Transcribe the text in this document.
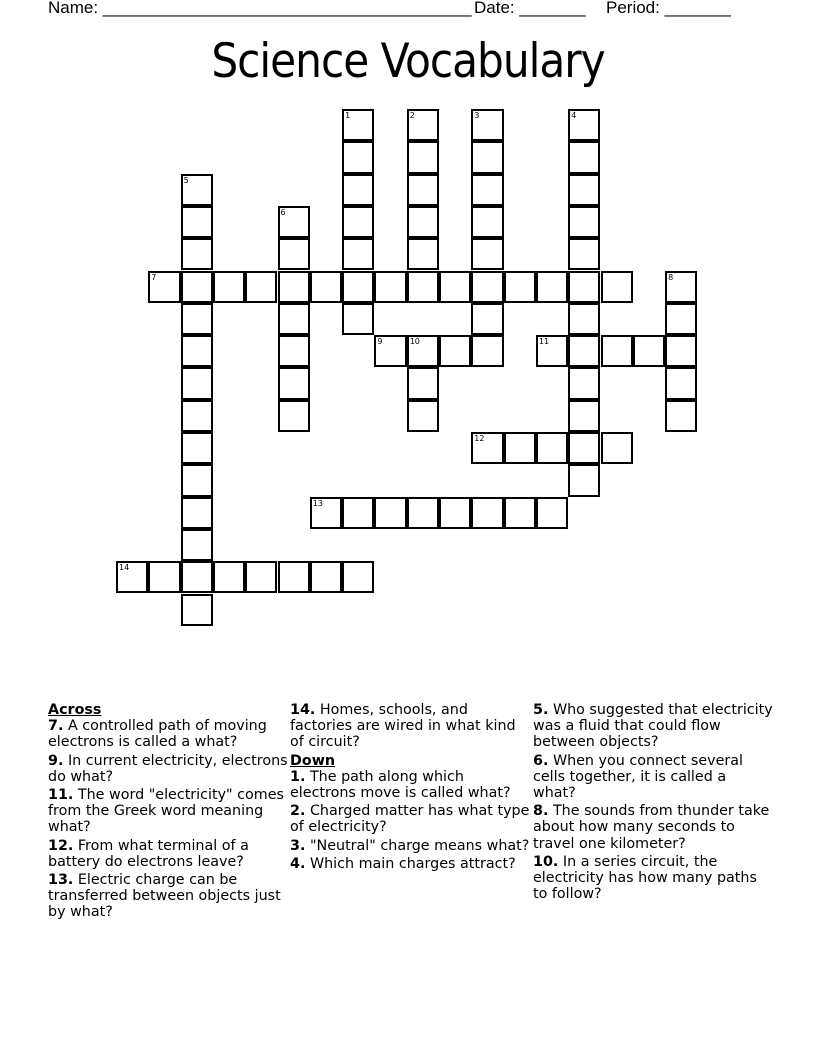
Name: _______________________________________ Date: _______ Period: _______
Science Vocabulary
1	2	3	4
5
6
7	8
9	10	11
12
13
14
Across
7. A controlled path of moving electrons is called a what?
9. In current electricity, electrons do what?
11. The word "electricity" comes from the Greek word meaning what?
12. From what terminal of a battery do electrons leave?
13. Electric charge can be transferred between objects just by what?
14. Homes, schools, and factories are wired in what kind of circuit?
Down
1. The path along which electrons move is called what?
2. Charged matter has what type of electricity?
3. "Neutral" charge means what?
4. Which main charges attract?
5. Who suggested that electricity was a fluid that could flow between objects?
6. When you connect several cells together, it is called a what?
8. The sounds from thunder take about how many seconds to travel one kilometer?
10. In a series circuit, the electricity has how many paths to follow?
